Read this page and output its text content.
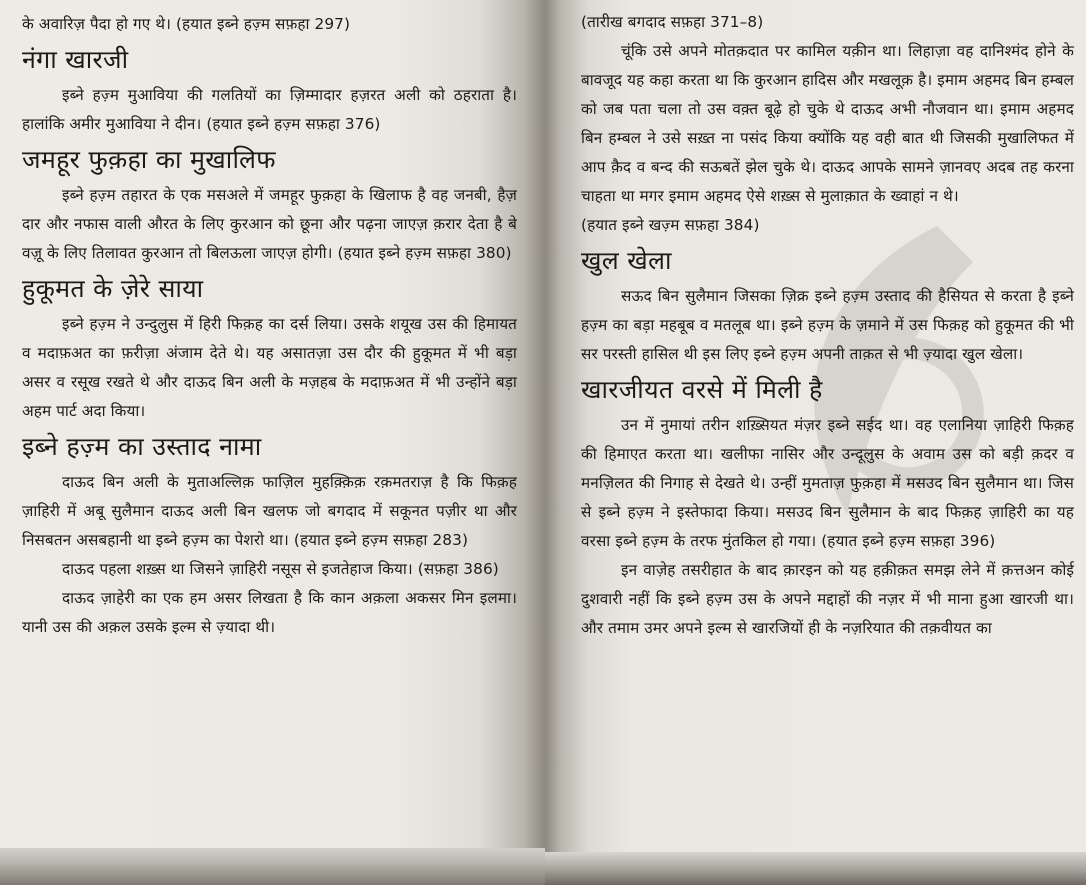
के अवारिज़ पैदा हो गए थे। (हयात इब्ने हज़्म सफ़हा 297)

नंगा खारजी

इब्ने हज़्म मुआविया की गलतियों का ज़िम्मादार हज़रत अली को ठहराता है। हालांकि अमीर मुआविया ने दीन। (हयात इब्ने हज़्म सफ़हा 376)

जमहूर फुक़हा का मुखालिफ

इब्ने हज़्म तहारत के एक मसअले में जमहूर फुक़हा के खिलाफ है वह जनबी, हैज़ दार और नफास वाली औरत के लिए कुरआन को छूना और पढ़ना जाएज़ क़रार देता है बे वज़ू के लिए तिलावत कुरआन तो बिलऊला जाएज़ होगी। (हयात इब्ने हज़्म सफ़हा 380)

हुकूमत के ज़ेरे साया

इब्ने हज़्म ने उन्दुलुस में हिरी फिक़ह का दर्स लिया। उसके शयूख उस की हिमायत व मदाफ़अत का फ़रीज़ा अंजाम देते थे। यह असातज़ा उस दौर की हुकूमत में भी बड़ा असर व रसूख रखते थे और दाऊद बिन अली के मज़हब के मदाफ़अत में भी उन्होंने बड़ा अहम पार्ट अदा किया।

इब्ने हज़्म का उस्ताद नामा

दाऊद बिन अली के मुताअल्लिक़ फाज़िल मुहक़्क़िक़ रक़मतराज़ है कि फिक़ह ज़ाहिरी में अबू सुलैमान दाऊद अली बिन खलफ जो बगदाद में सकूनत पज़ीर था और निसबतन असबहानी था इब्ने हज़्म का पेशरो था। (हयात इब्ने हज़्म सफ़हा 283)

दाऊद पहला शख़्स था जिसने ज़ाहिरी नसूस से इजतेहाज किया। (सफ़हा 386)

दाऊद ज़ाहेरी का एक हम असर लिखता है कि कान अक़ला अकसर मिन इलमा। यानी उस की अक़ल उसके इल्म से ज़्यादा थी।

(तारीख बगदाद सफ़हा 371–8)

चूंकि उसे अपने मोतक़दात पर कामिल यक़ीन था। लिहाज़ा वह दानिश्मंद होने के बावजूद यह कहा करता था कि कुरआन हादिस और मखलूक़ है। इमाम अहमद बिन हम्बल को जब पता चला तो उस वक़्त बूढ़े हो चुके थे दाऊद अभी नौजवान था। इमाम अहमद बिन हम्बल ने उसे सख़्त ना पसंद किया क्योंकि यह वही बात थी जिसकी मुखालिफत में आप क़ैद व बन्द की सऊबतें झेल चुके थे। दाऊद आपके सामने ज़ानवए अदब तह करना चाहता था मगर इमाम अहमद ऐसे शख़्स से मुलाक़ात के ख्वाहां न थे।

(हयात इब्ने खज़्म सफ़हा 384)

खुल खेला

सऊद बिन सुलैमान जिसका ज़िक्र इब्ने हज़्म उस्ताद की हैसियत से करता है इब्ने हज़्म का बड़ा महबूब व मतलूब था। इब्ने हज़्म के ज़माने में उस फिक़ह को हुकूमत की भी सर परस्ती हासिल थी इस लिए इब्ने हज़्म अपनी ताक़त से भी ज़्यादा खुल खेला।

खारजीयत वरसे में मिली है

उन में नुमायां तरीन शख़्सियत मंज़र इब्ने सईद था। वह एलानिया ज़ाहिरी फिक़ह की हिमाएत करता था। खलीफा नासिर और उन्दूलुस के अवाम उस को बड़ी क़दर व मनज़िलत की निगाह से देखते थे। उन्हीं मुमताज़ फुक़हा में मसउद बिन सुलैमान था। जिस से इब्ने हज़्म ने इस्तेफादा किया। मसउद बिन सुलैमान के बाद फिक़ह ज़ाहिरी का यह वरसा इब्ने हज़्म के तरफ मुंतकिल हो गया। (हयात इब्ने हज़्म सफ़हा 396)

इन वाज़ेह तसरीहात के बाद क़ारइन को यह हक़ीक़त समझ लेने में क़त्तअन कोई दुशवारी नहीं कि इब्ने हज़्म उस के अपने मद्दाहों की नज़र में भी माना हुआ खारजी था। और तमाम उमर अपने इल्म से खारजियों ही के नज़रियात की तक़वीयत का
